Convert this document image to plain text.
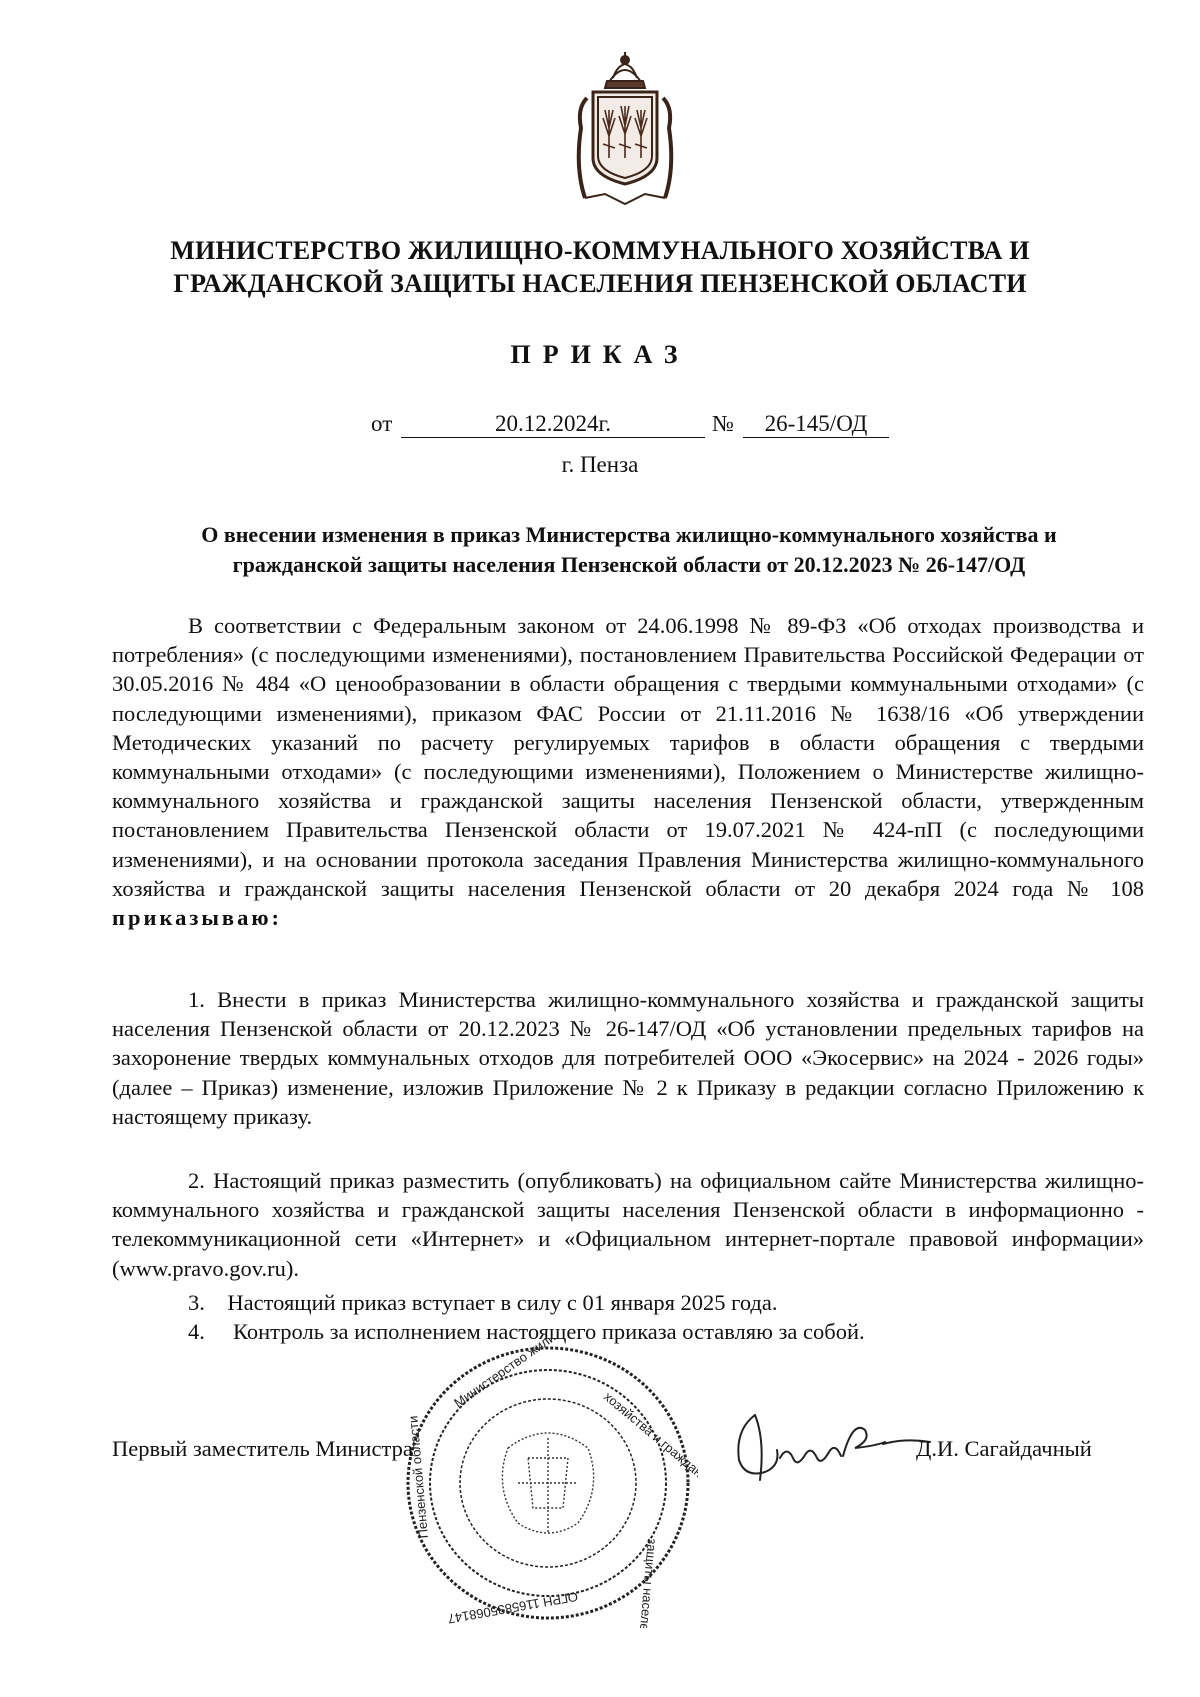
МИНИСТЕРСТВО ЖИЛИЩНО-КОММУНАЛЬНОГО ХОЗЯЙСТВА И
ГРАЖДАНСКОЙ ЗАЩИТЫ НАСЕЛЕНИЯ ПЕНЗЕНСКОЙ ОБЛАСТИ
ПРИКАЗ
от	20.12.2024г.	№	26-145/ОД
г. Пенза
О внесении изменения в приказ Министерства жилищно-коммунального хозяйства и
гражданской защиты населения Пензенской области от 20.12.2023 № 26-147/ОД

В соответствии с Федеральным законом от 24.06.1998 № 89-ФЗ «Об отходах производства и потребления» (с последующими изменениями), постановлением Правительства Российской Федерации от 30.05.2016 № 484 «О ценообразовании в области обращения с твердыми коммунальными отходами» (с последующими изменениями), приказом ФАС России от 21.11.2016 № 1638/16 «Об утверждении Методических указаний по расчету регулируемых тарифов в области обращения с твердыми коммунальными отходами» (с последующими изменениями), Положением о Министерстве жилищно-коммунального хозяйства и гражданской защиты населения Пензенской области, утвержденным постановлением Правительства Пензенской области от 19.07.2021 № 424-пП (с последующими изменениями), и на основании протокола заседания Правления Министерства жилищно-коммунального хозяйства и гражданской защиты населения Пензенской области от 20 декабря 2024 года № 108 приказываю:

1. Внести в приказ Министерства жилищно-коммунального хозяйства и гражданской защиты населения Пензенской области от 20.12.2023 № 26-147/ОД «Об установлении предельных тарифов на захоронение твердых коммунальных отходов для потребителей ООО «Экосервис» на 2024 - 2026 годы» (далее – Приказ) изменение, изложив Приложение № 2 к Приказу в редакции согласно Приложению к настоящему приказу.
2. Настоящий приказ разместить (опубликовать) на официальном сайте Министерства жилищно-коммунального хозяйства и гражданской защиты населения Пензенской области в информационно - телекоммуникационной сети «Интернет» и «Официальном интернет-портале правовой информации» (www.pravo.gov.ru).
3. Настоящий приказ вступает в силу с 01 января 2025 года.
4. Контроль за исполнением настоящего приказа оставляю за собой.
хозяйства и гражданской
защиты населения
ОГРН 1165835068147
Пензенской области
Первый заместитель Министра	Д.И. Сагайдачный
